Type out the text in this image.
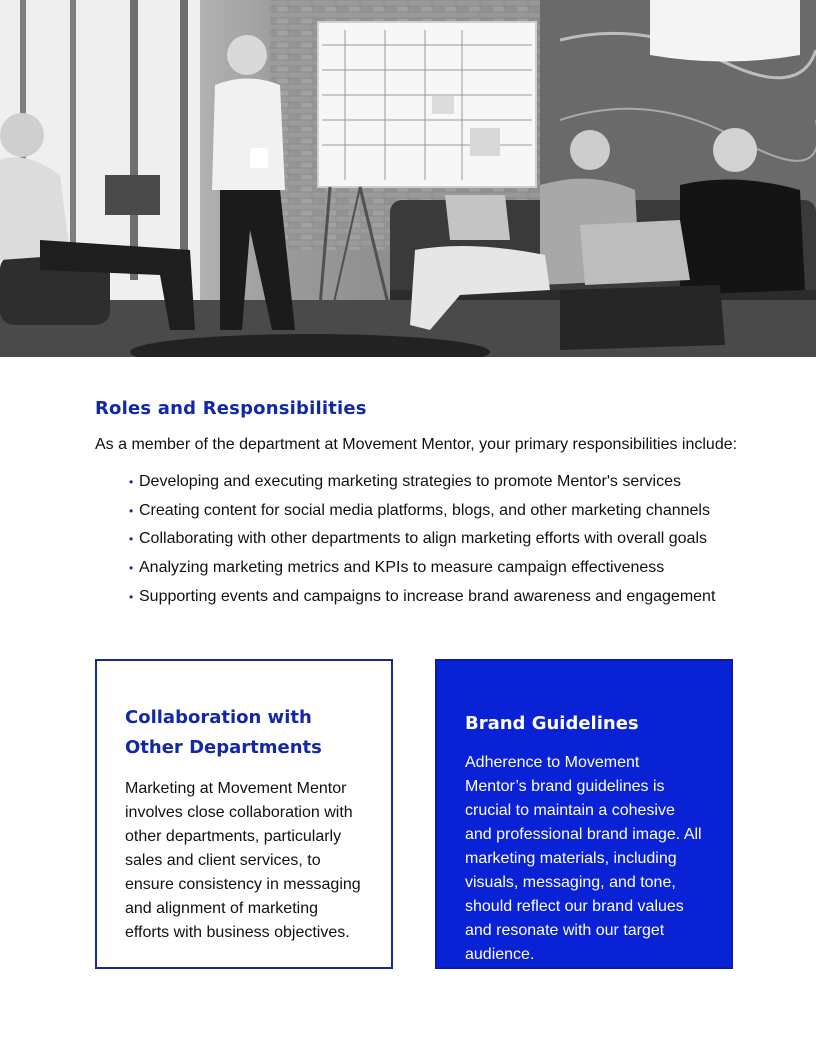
Roles and Responsibilities

As a member of the department at Movement Mentor, your primary responsibilities include:

• Developing and executing marketing strategies to promote Mentor's services
• Creating content for social media platforms, blogs, and other marketing channels
• Collaborating with other departments to align marketing efforts with overall goals
• Analyzing marketing metrics and KPIs to measure campaign effectiveness
• Supporting events and campaigns to increase brand awareness and engagement
Collaboration with
Other Departments

Marketing at Movement Mentor involves close collaboration with other departments, particularly sales and client services, to ensure consistency in messaging and alignment of marketing efforts with business objectives.

Brand Guidelines

Adherence to Movement Mentor’s brand guidelines is crucial to maintain a cohesive and professional brand image. All marketing materials, including visuals, messaging, and tone, should reflect our brand values and resonate with our target audience.
